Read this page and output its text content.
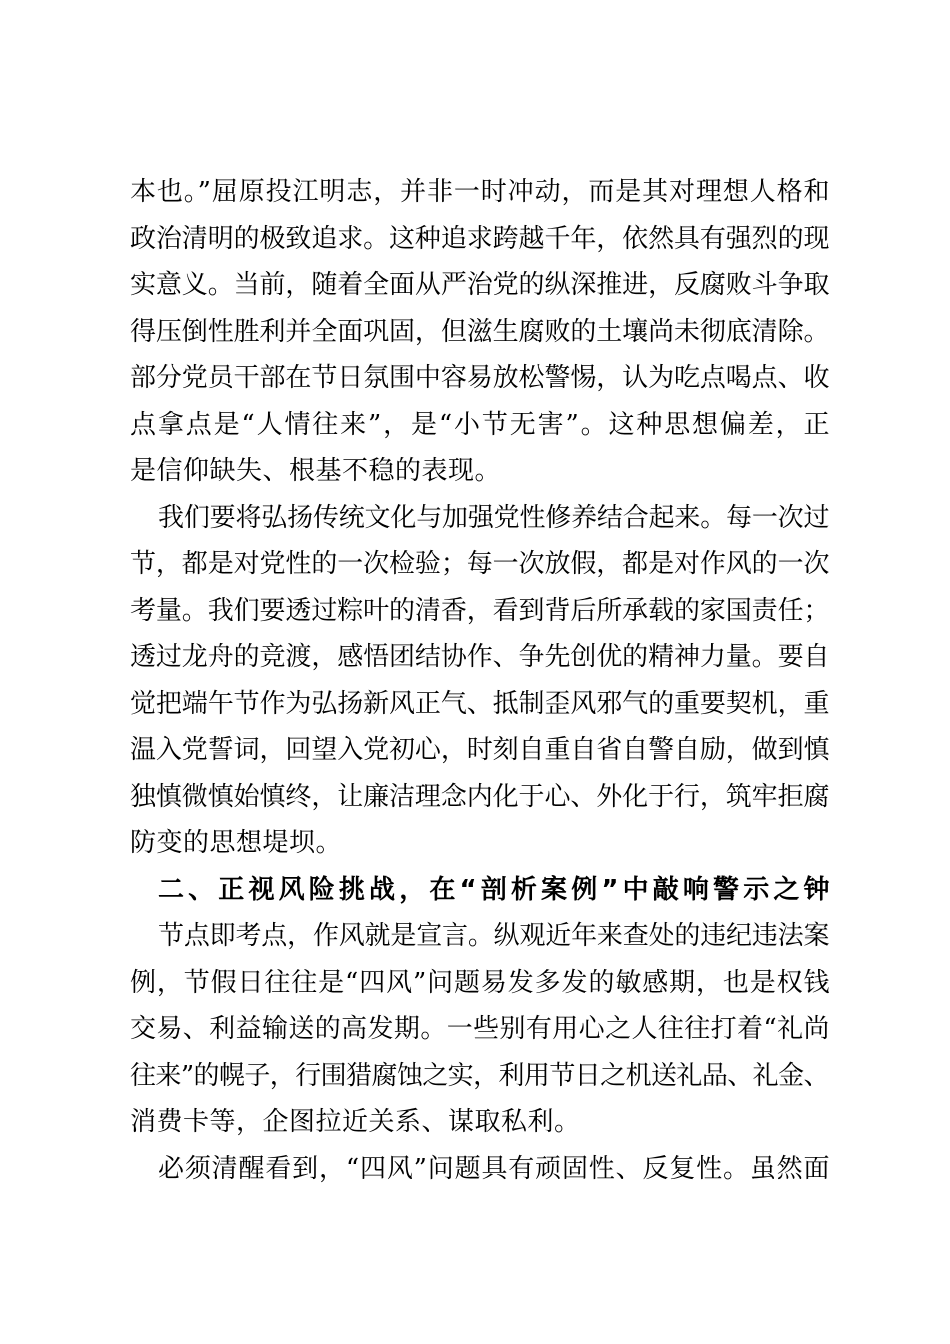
本也。”屈原投江明志，并非一时冲动，而是其对理想人格和
政治清明的极致追求。这种追求跨越千年，依然具有强烈的现
实意义。当前，随着全面从严治党的纵深推进，反腐败斗争取
得压倒性胜利并全面巩固，但滋生腐败的土壤尚未彻底清除。
部分党员干部在节日氛围中容易放松警惕，认为吃点喝点、收
点拿点是“人情往来”，是“小节无害”。这种思想偏差，正
是信仰缺失、根基不稳的表现。
我们要将弘扬传统文化与加强党性修养结合起来。每一次过
节，都是对党性的一次检验；每一次放假，都是对作风的一次
考量。我们要透过粽叶的清香，看到背后所承载的家国责任；
透过龙舟的竞渡，感悟团结协作、争先创优的精神力量。要自
觉把端午节作为弘扬新风正气、抵制歪风邪气的重要契机，重
温入党誓词，回望入党初心，时刻自重自省自警自励，做到慎
独慎微慎始慎终，让廉洁理念内化于心、外化于行，筑牢拒腐
防变的思想堤坝。
二、正视风险挑战，在“剖析案例”中敲响警示之钟
节点即考点，作风就是宣言。纵观近年来查处的违纪违法案
例，节假日往往是“四风”问题易发多发的敏感期，也是权钱
交易、利益输送的高发期。一些别有用心之人往往打着“礼尚
往来”的幌子，行围猎腐蚀之实，利用节日之机送礼品、礼金、
消费卡等，企图拉近关系、谋取私利。
必须清醒看到，“四风”问题具有顽固性、反复性。虽然面
